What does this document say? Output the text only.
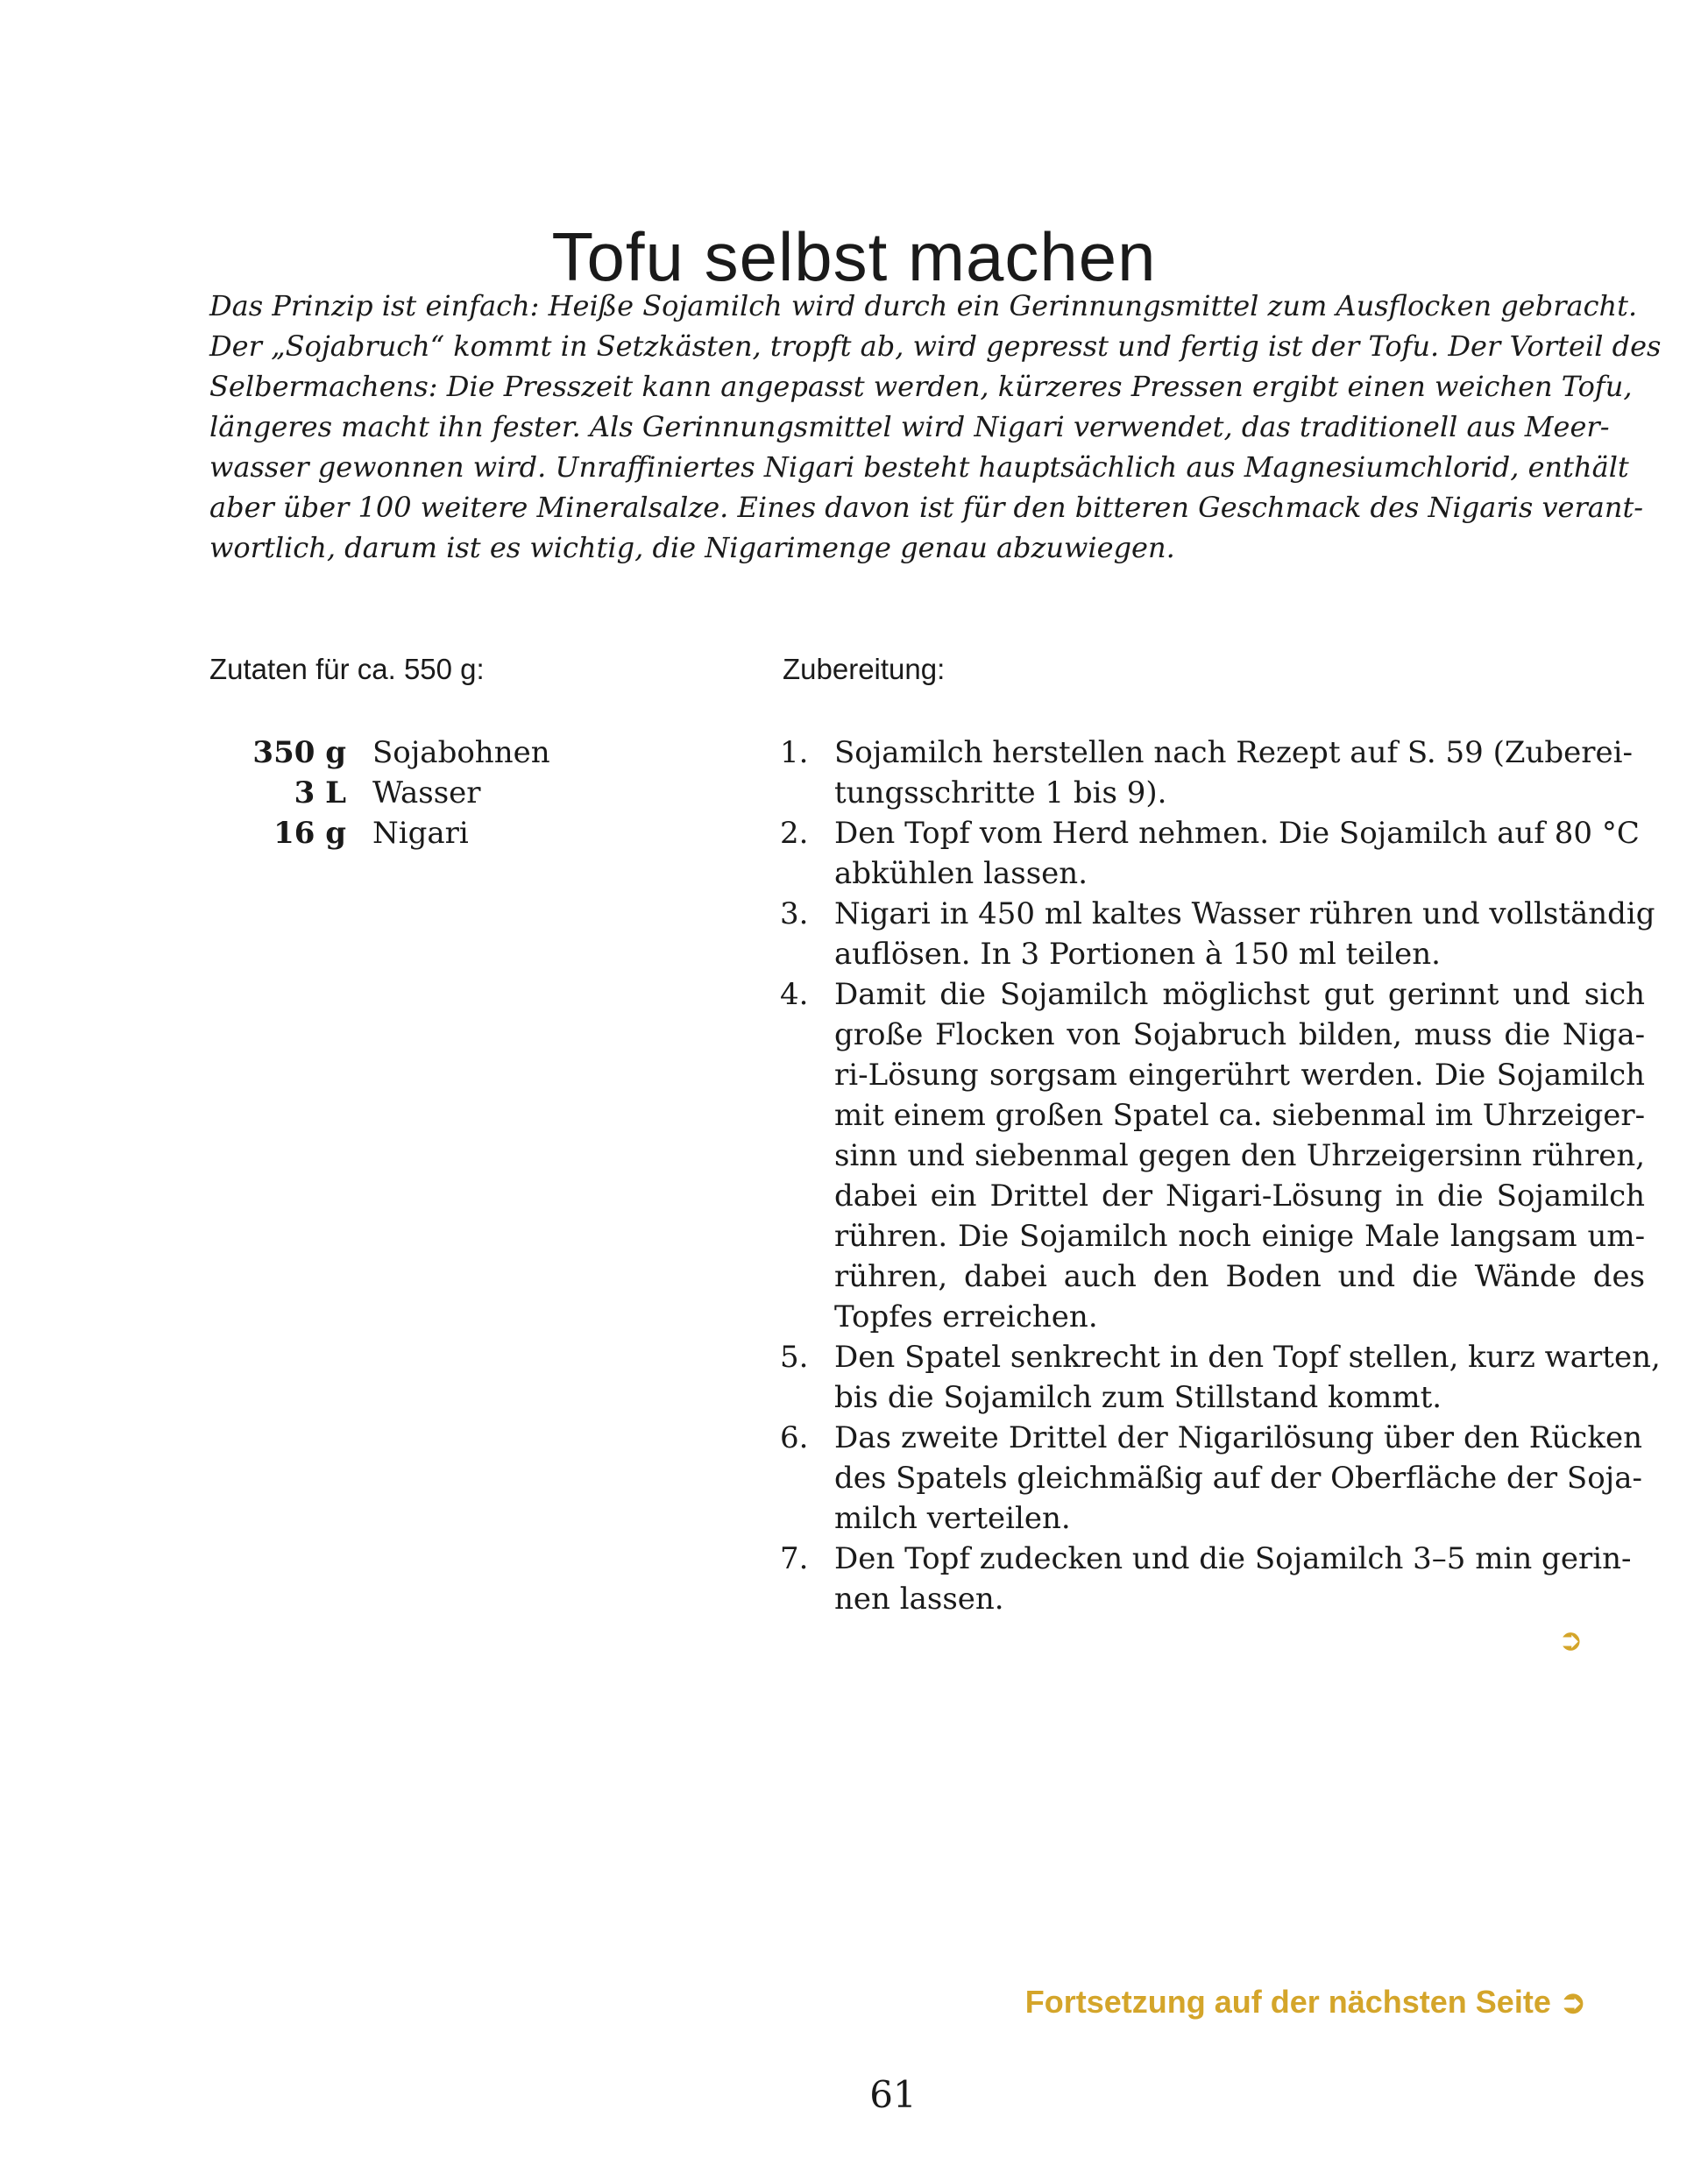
Tofu selbst machen
Das Prinzip ist einfach: Heiße Sojamilch wird durch ein Gerinnungsmittel zum Ausflocken gebracht.
Der „Sojabruch“ kommt in Setzkästen, tropft ab, wird gepresst und fertig ist der Tofu. Der Vorteil des
Selbermachens: Die Presszeit kann angepasst werden, kürzeres Pressen ergibt einen weichen Tofu,
längeres macht ihn fester. Als Gerinnungsmittel wird Nigari verwendet, das traditionell aus Meer-
wasser gewonnen wird. Unraffiniertes Nigari besteht hauptsächlich aus Magnesiumchlorid, enthält
aber über 100 weitere Mineralsalze. Eines davon ist für den bitteren Geschmack des Nigaris verant-
wortlich, darum ist es wichtig, die Nigarimenge genau abzuwiegen.
Zutaten für ca. 550 g:	Zubereitung:
350 g Sojabohnen
3 L Wasser
16 g Nigari
1. Sojamilch herstellen nach Rezept auf S. 59 (Zuberei-
tungsschritte 1 bis 9).
2. Den Topf vom Herd nehmen. Die Sojamilch auf 80 °C
abkühlen lassen.
3. Nigari in 450 ml kaltes Wasser rühren und vollständig
auflösen. In 3 Portionen à 150 ml teilen.
4. Damit die Sojamilch möglichst gut gerinnt und sich
große Flocken von Sojabruch bilden, muss die Niga-
ri-Lösung sorgsam eingerührt werden. Die Sojamilch
mit einem großen Spatel ca. siebenmal im Uhrzeiger-
sinn und siebenmal gegen den Uhrzeigersinn rühren,
dabei ein Drittel der Nigari-Lösung in die Sojamilch
rühren. Die Sojamilch noch einige Male langsam um-
rühren, dabei auch den Boden und die Wände des
Topfes erreichen.
5. Den Spatel senkrecht in den Topf stellen, kurz warten,
bis die Sojamilch zum Stillstand kommt.
6. Das zweite Drittel der Nigarilösung über den Rücken
des Spatels gleichmäßig auf der Oberfläche der Soja-
milch verteilen.
7. Den Topf zudecken und die Sojamilch 3–5 min gerin-
nen lassen.
➲
Fortsetzung auf der nächsten Seite ➲
61
